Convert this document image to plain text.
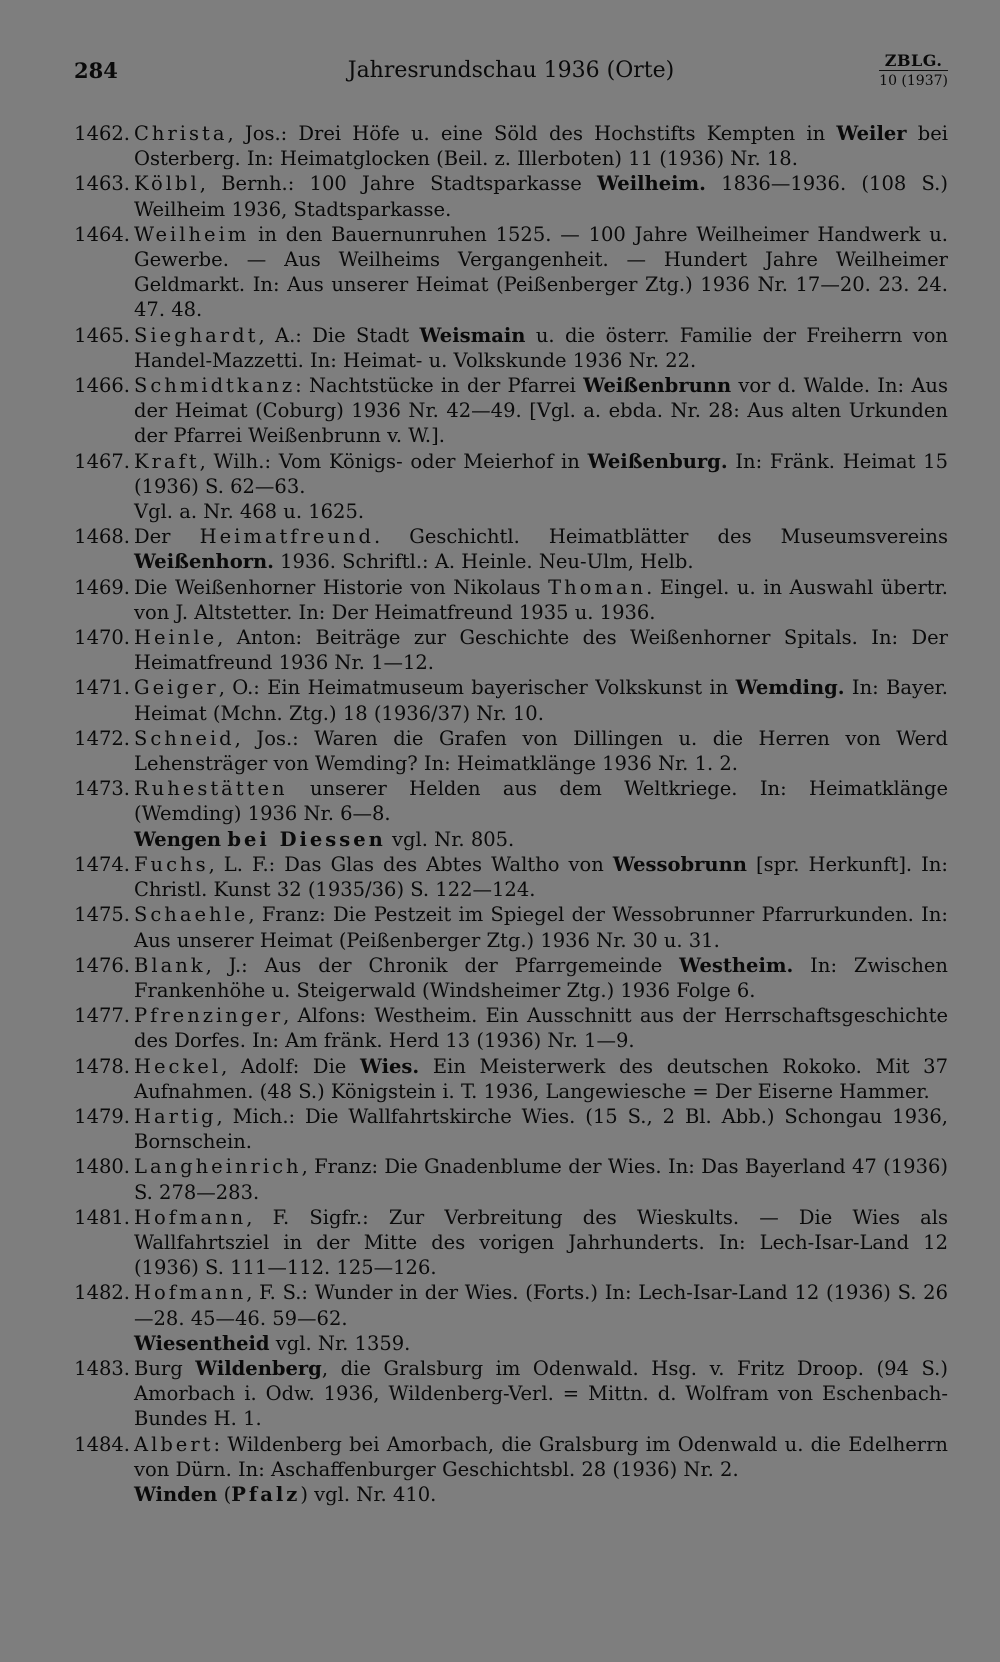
284	Jahresrundschau 1936 (Orte)	ZBLG.
10 (1937)
1462. Christa, Jos.: Drei Höfe u. eine Söld des Hochstifts Kempten in Weiler bei Osterberg. In: Heimatglocken (Beil. z. Illerboten) 11 (1936) Nr. 18.
1463. Kölbl, Bernh.: 100 Jahre Stadtsparkasse Weilheim. 1836—1936. (108 S.) Weilheim 1936, Stadtsparkasse.
1464. Weilheim in den Bauernunruhen 1525. — 100 Jahre Weilheimer Handwerk u. Gewerbe. — Aus Weilheims Vergangenheit. — Hundert Jahre Weilheimer Geldmarkt. In: Aus unserer Heimat (Peißenberger Ztg.) 1936 Nr. 17—20. 23. 24. 47. 48.
1465. Sieghardt, A.: Die Stadt Weismain u. die österr. Familie der Freiherrn von Handel-Mazzetti. In: Heimat- u. Volkskunde 1936 Nr. 22.
1466. Schmidtkanz: Nachtstücke in der Pfarrei Weißenbrunn vor d. Walde. In: Aus der Heimat (Coburg) 1936 Nr. 42—49. [Vgl. a. ebda. Nr. 28: Aus alten Urkunden der Pfarrei Weißenbrunn v. W.].
1467. Kraft, Wilh.: Vom Königs- oder Meierhof in Weißenburg. In: Fränk. Heimat 15 (1936) S. 62—63.
Vgl. a. Nr. 468 u. 1625.
1468. Der Heimatfreund. Geschichtl. Heimatblätter des Museumsvereins Weißenhorn. 1936. Schriftl.: A. Heinle. Neu-Ulm, Helb.
1469. Die Weißenhorner Historie von Nikolaus Thoman. Eingel. u. in Auswahl übertr. von J. Altstetter. In: Der Heimatfreund 1935 u. 1936.
1470. Heinle, Anton: Beiträge zur Geschichte des Weißenhorner Spitals. In: Der Heimatfreund 1936 Nr. 1—12.
1471. Geiger, O.: Ein Heimatmuseum bayerischer Volkskunst in Wemding. In: Bayer. Heimat (Mchn. Ztg.) 18 (1936/37) Nr. 10.
1472. Schneid, Jos.: Waren die Grafen von Dillingen u. die Herren von Werd Lehensträger von Wemding? In: Heimatklänge 1936 Nr. 1. 2.
1473. Ruhestätten unserer Helden aus dem Weltkriege. In: Heimatklänge (Wemding) 1936 Nr. 6—8.
Wengen bei Diessen vgl. Nr. 805.
1474. Fuchs, L. F.: Das Glas des Abtes Waltho von Wessobrunn [spr. Herkunft]. In: Christl. Kunst 32 (1935/36) S. 122—124.
1475. Schaehle, Franz: Die Pestzeit im Spiegel der Wessobrunner Pfarrurkunden. In: Aus unserer Heimat (Peißenberger Ztg.) 1936 Nr. 30 u. 31.
1476. Blank, J.: Aus der Chronik der Pfarrgemeinde Westheim. In: Zwischen Frankenhöhe u. Steigerwald (Windsheimer Ztg.) 1936 Folge 6.
1477. Pfrenzinger, Alfons: Westheim. Ein Ausschnitt aus der Herrschaftsgeschichte des Dorfes. In: Am fränk. Herd 13 (1936) Nr. 1—9.
1478. Heckel, Adolf: Die Wies. Ein Meisterwerk des deutschen Rokoko. Mit 37 Aufnahmen. (48 S.) Königstein i. T. 1936, Langewiesche = Der Eiserne Hammer.
1479. Hartig, Mich.: Die Wallfahrtskirche Wies. (15 S., 2 Bl. Abb.) Schongau 1936, Bornschein.
1480. Langheinrich, Franz: Die Gnadenblume der Wies. In: Das Bayerland 47 (1936) S. 278—283.
1481. Hofmann, F. Sigfr.: Zur Verbreitung des Wieskults. — Die Wies als Wallfahrtsziel in der Mitte des vorigen Jahrhunderts. In: Lech-Isar-Land 12 (1936) S. 111—112. 125—126.
1482. Hofmann, F. S.: Wunder in der Wies. (Forts.) In: Lech-Isar-Land 12 (1936) S. 26—28. 45—46. 59—62.
Wiesentheid vgl. Nr. 1359.
1483. Burg Wildenberg, die Gralsburg im Odenwald. Hsg. v. Fritz Droop. (94 S.) Amorbach i. Odw. 1936, Wildenberg-Verl. = Mittn. d. Wolfram von Eschenbach-Bundes H. 1.
1484. Albert: Wildenberg bei Amorbach, die Gralsburg im Odenwald u. die Edelherrn von Dürn. In: Aschaffenburger Geschichtsbl. 28 (1936) Nr. 2.
Winden (Pfalz) vgl. Nr. 410.
